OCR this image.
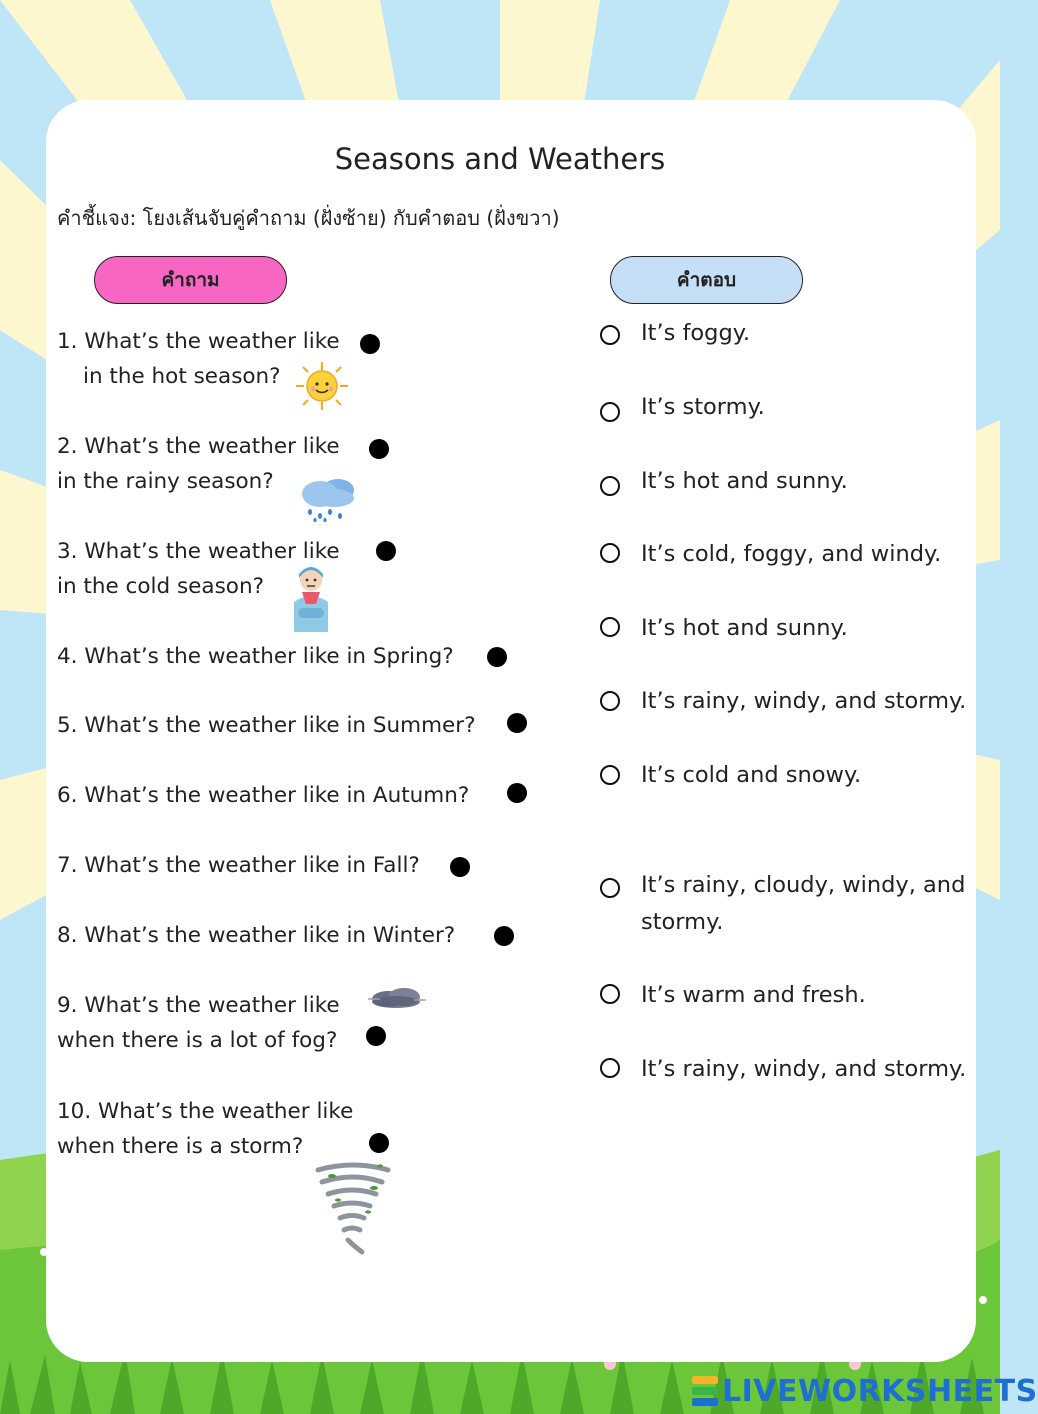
Seasons and Weathers
คำชี้แจง: โยงเส้นจับคู่คำถาม (ฝั่งซ้าย) กับคำตอบ (ฝั่งขวา)
คำถาม	คำตอบ
1. What’s the weather like
in the hot season?
2. What’s the weather like
in the rainy season?
3. What’s the weather like
in the cold season?
4. What’s the weather like in Spring?
5. What’s the weather like in Summer?
6. What’s the weather like in Autumn?
7. What’s the weather like in Fall?
8. What’s the weather like in Winter?
9. What’s the weather like
when there is a lot of fog?
10. What’s the weather like
when there is a storm?
It’s foggy.
It’s stormy.
It’s hot and sunny.
It’s cold, foggy, and windy.
It’s hot and sunny.
It’s rainy, windy, and stormy.
It’s cold and snowy.
It’s rainy, cloudy, windy, and
stormy.
It’s warm and fresh.
It’s rainy, windy, and stormy.
LIVEWORKSHEETS
